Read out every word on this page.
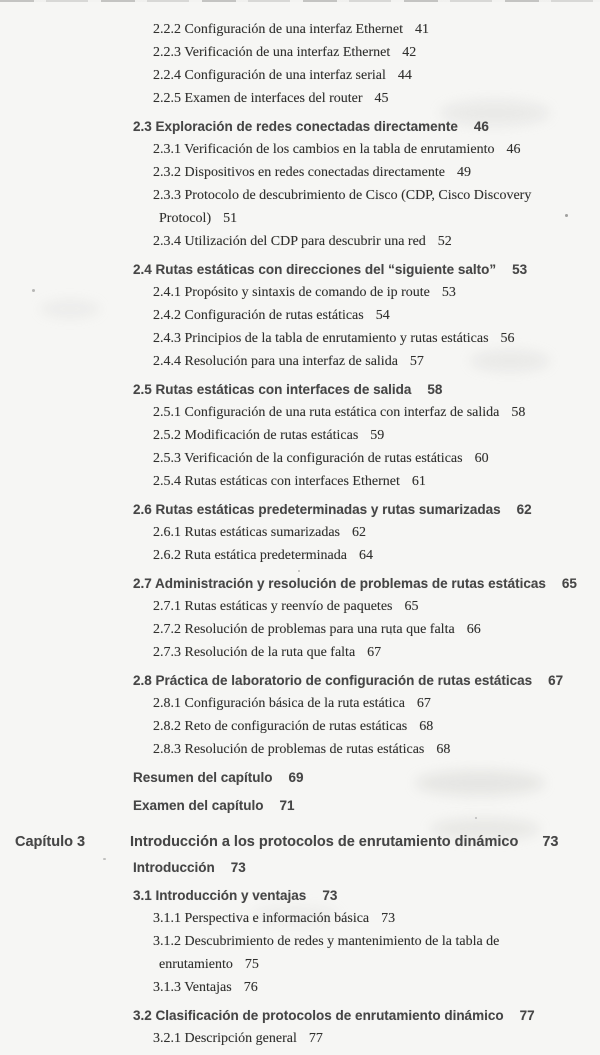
2.2.2 Configuración de una interfaz Ethernet 41
2.2.3 Verificación de una interfaz Ethernet 42
2.2.4 Configuración de una interfaz serial 44
2.2.5 Examen de interfaces del router 45
2.3 Exploración de redes conectadas directamente 46
2.3.1 Verificación de los cambios en la tabla de enrutamiento 46
2.3.2 Dispositivos en redes conectadas directamente 49
2.3.3 Protocolo de descubrimiento de Cisco (CDP, Cisco Discovery
Protocol) 51
2.3.4 Utilización del CDP para descubrir una red 52
2.4 Rutas estáticas con direcciones del “siguiente salto” 53
2.4.1 Propósito y sintaxis de comando de ip route 53
2.4.2 Configuración de rutas estáticas 54
2.4.3 Principios de la tabla de enrutamiento y rutas estáticas 56
2.4.4 Resolución para una interfaz de salida 57
2.5 Rutas estáticas con interfaces de salida 58
2.5.1 Configuración de una ruta estática con interfaz de salida 58
2.5.2 Modificación de rutas estáticas 59
2.5.3 Verificación de la configuración de rutas estáticas 60
2.5.4 Rutas estáticas con interfaces Ethernet 61
2.6 Rutas estáticas predeterminadas y rutas sumarizadas 62
2.6.1 Rutas estáticas sumarizadas 62
2.6.2 Ruta estática predeterminada 64
2.7 Administración y resolución de problemas de rutas estáticas 65
2.7.1 Rutas estáticas y reenvío de paquetes 65
2.7.2 Resolución de problemas para una ruta que falta 66
2.7.3 Resolución de la ruta que falta 67
2.8 Práctica de laboratorio de configuración de rutas estáticas 67
2.8.1 Configuración básica de la ruta estática 67
2.8.2 Reto de configuración de rutas estáticas 68
2.8.3 Resolución de problemas de rutas estáticas 68
Resumen del capítulo 69
Examen del capítulo 71
Capítulo 3	Introducción a los protocolos de enrutamiento dinámico 73
Introducción 73
3.1 Introducción y ventajas 73
3.1.1 Perspectiva e información básica 73
3.1.2 Descubrimiento de redes y mantenimiento de la tabla de
enrutamiento 75
3.1.3 Ventajas 76
3.2 Clasificación de protocolos de enrutamiento dinámico 77
3.2.1 Descripción general 77
